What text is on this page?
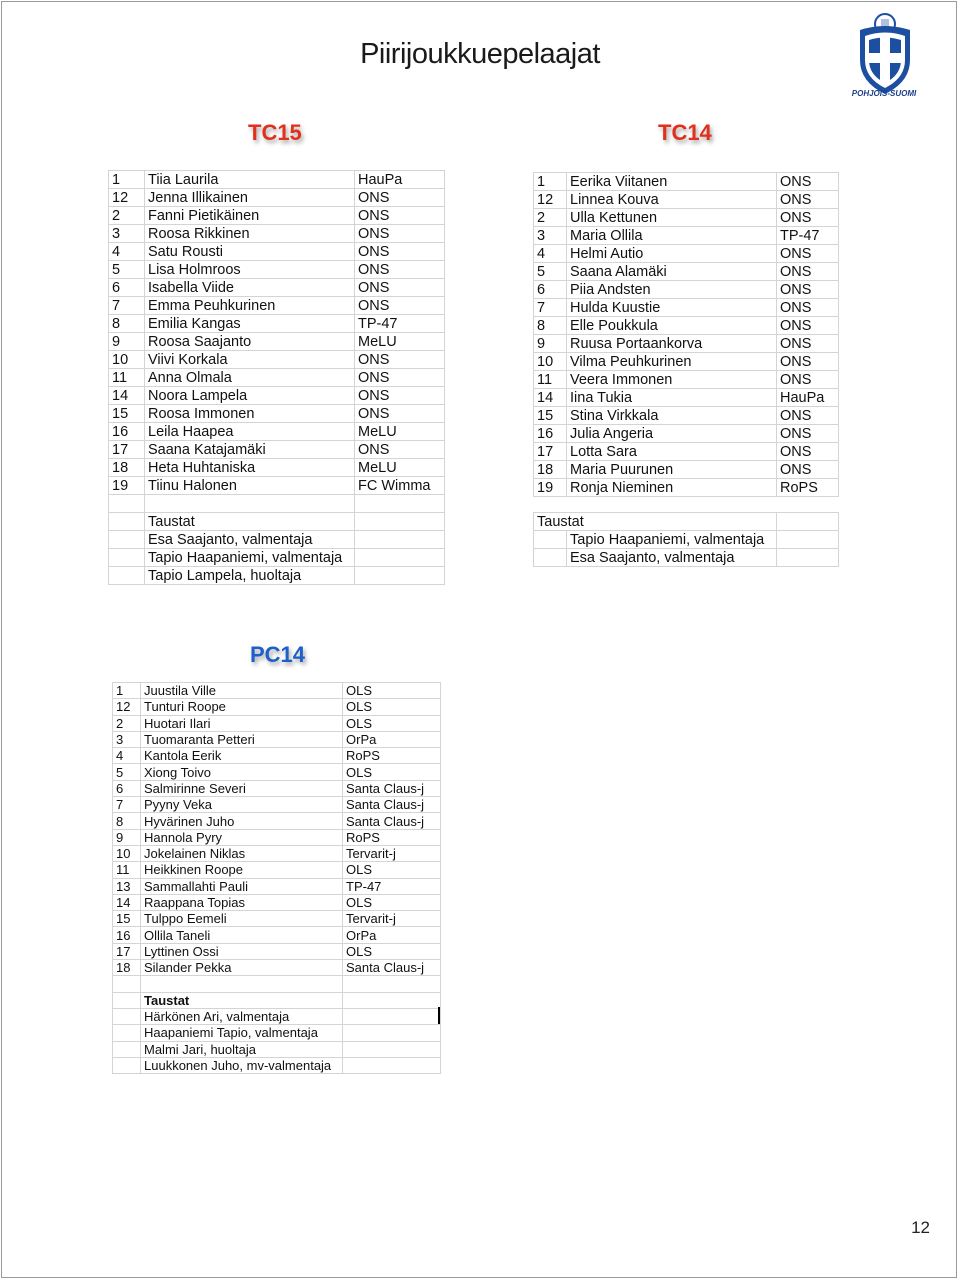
Piirijoukkuepelaajat
POHJOIS-SUOMI
TC15
1	Tiia Laurila	HauPa
12	Jenna Illikainen	ONS
2	Fanni Pietikäinen	ONS
3	Roosa Rikkinen	ONS
4	Satu Rousti	ONS
5	Lisa Holmroos	ONS
6	Isabella Viide	ONS
7	Emma Peuhkurinen	ONS
8	Emilia Kangas	TP-47
9	Roosa Saajanto	MeLU
10	Viivi Korkala	ONS
11	Anna Olmala	ONS
14	Noora Lampela	ONS
15	Roosa Immonen	ONS
16	Leila Haapea	MeLU
17	Saana Katajamäki	ONS
18	Heta Huhtaniska	MeLU
19	Tiinu Halonen	FC Wimma

	Taustat	
	Esa Saajanto, valmentaja	
	Tapio Haapaniemi, valmentaja	
	Tapio Lampela, huoltaja	
TC14
1	Eerika Viitanen	ONS
12	Linnea Kouva	ONS
2	Ulla Kettunen	ONS
3	Maria Ollila	TP-47
4	Helmi Autio	ONS
5	Saana Alamäki	ONS
6	Piia Andsten	ONS
7	Hulda Kuustie	ONS
8	Elle Poukkula	ONS
9	Ruusa Portaankorva	ONS
10	Vilma Peuhkurinen	ONS
11	Veera Immonen	ONS
14	Iina Tukia	HauPa
15	Stina Virkkala	ONS
16	Julia Angeria	ONS
17	Lotta Sara	ONS
18	Maria Puurunen	ONS
19	Ronja Nieminen	RoPS
Taustat		
	Tapio Haapaniemi, valmentaja	
	Esa Saajanto, valmentaja	
PC14
1	Juustila Ville	OLS
12	Tunturi Roope	OLS
2	Huotari Ilari	OLS
3	Tuomaranta Petteri	OrPa
4	Kantola Eerik	RoPS
5	Xiong Toivo	OLS
6	Salmirinne Severi	Santa Claus-j
7	Pyyny Veka	Santa Claus-j
8	Hyvärinen Juho	Santa Claus-j
9	Hannola Pyry	RoPS
10	Jokelainen Niklas	Tervarit-j
11	Heikkinen Roope	OLS
13	Sammallahti Pauli	TP-47
14	Raappana Topias	OLS
15	Tulppo Eemeli	Tervarit-j
16	Ollila Taneli	OrPa
17	Lyttinen Ossi	OLS
18	Silander Pekka	Santa Claus-j

	Taustat	
	Härkönen Ari, valmentaja	
	Haapaniemi Tapio, valmentaja	
	Malmi Jari, huoltaja	
	Luukkonen Juho, mv-valmentaja	
12
